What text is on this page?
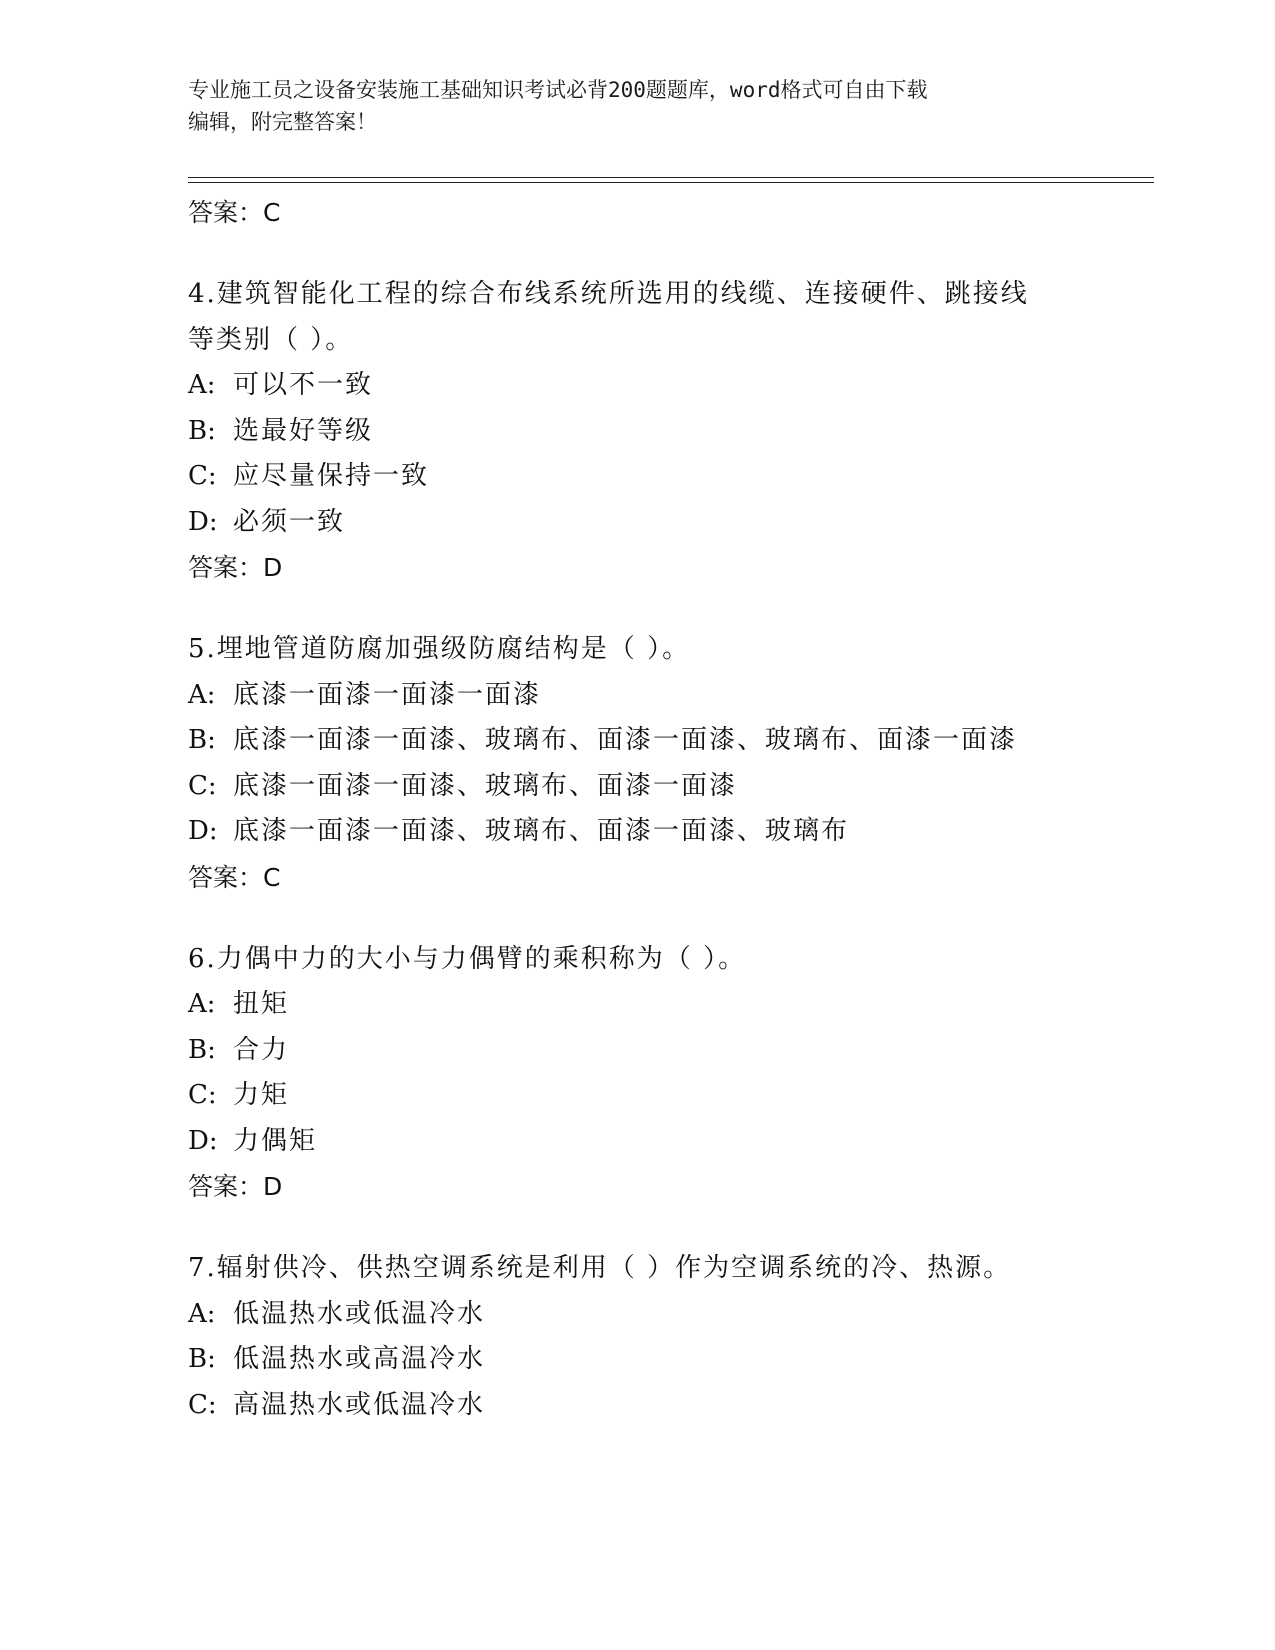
专业施工员之设备安装施工基础知识考试必背200题题库，word格式可自由下载
编辑，附完整答案！
答案：C
4.建筑智能化工程的综合布线系统所选用的线缆、连接硬件、跳接线
等类别（ ）。
A: 可以不一致
B: 选最好等级
C: 应尽量保持一致
D: 必须一致
答案：D
5.埋地管道防腐加强级防腐结构是（ ）。
A: 底漆一面漆一面漆一面漆
B: 底漆一面漆一面漆、玻璃布、面漆一面漆、玻璃布、面漆一面漆
C: 底漆一面漆一面漆、玻璃布、面漆一面漆
D: 底漆一面漆一面漆、玻璃布、面漆一面漆、玻璃布
答案：C
6.力偶中力的大小与力偶臂的乘积称为（ ）。
A: 扭矩
B: 合力
C: 力矩
D: 力偶矩
答案：D
7.辐射供冷、供热空调系统是利用（ ）作为空调系统的冷、热源。
A: 低温热水或低温冷水
B: 低温热水或高温冷水
C: 高温热水或低温冷水
